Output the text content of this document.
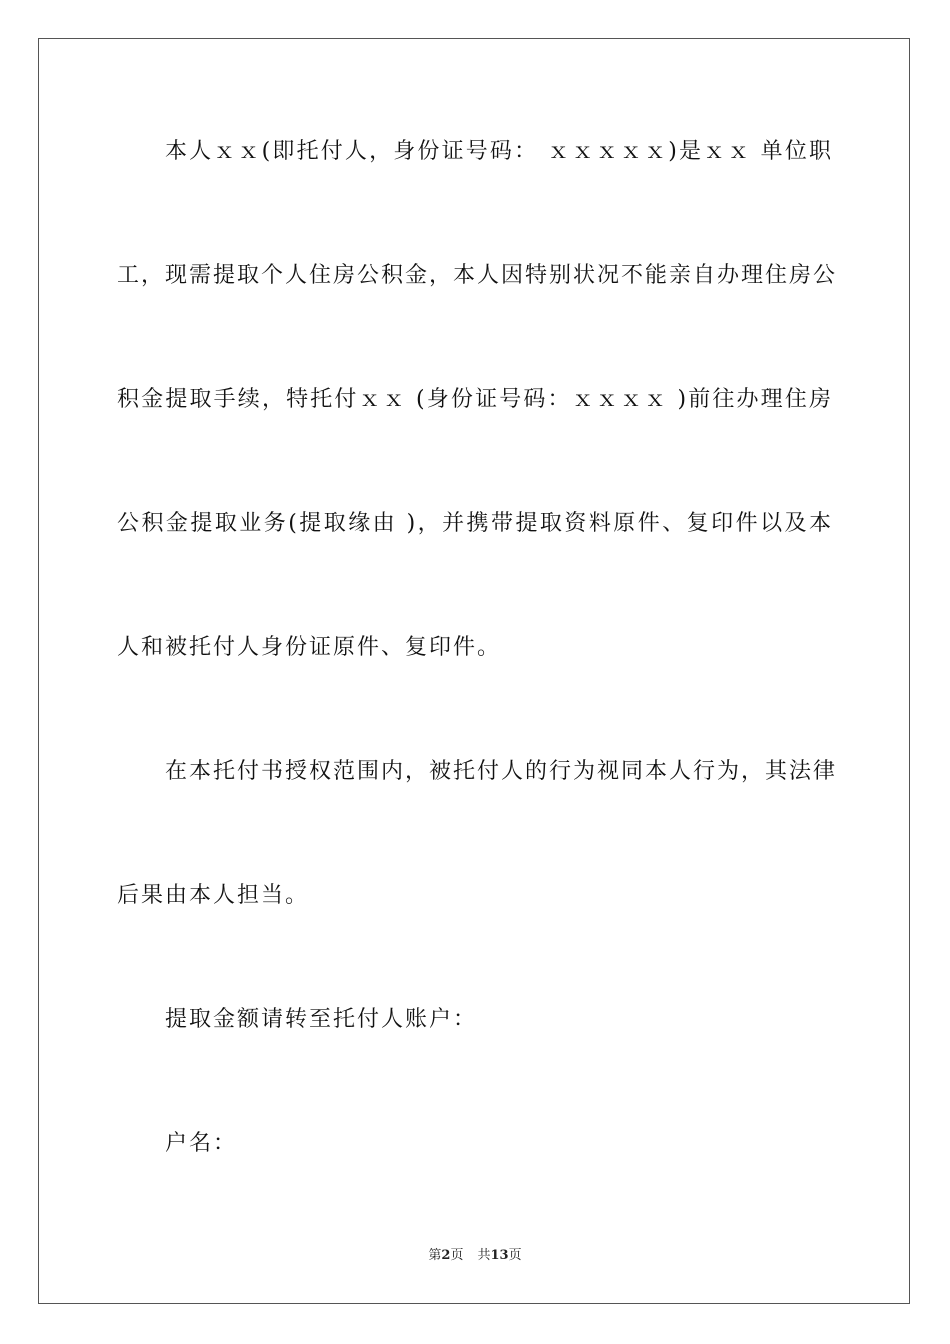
本人ｘｘ(即托付人，身份证号码： ｘｘｘｘｘ)是ｘｘ 单位职
工，现需提取个人住房公积金，本人因特别状况不能亲自办理住房公
积金提取手续，特托付ｘｘ (身份证号码：ｘｘｘｘ )前往办理住房
公积金提取业务(提取缘由 )，并携带提取资料原件、复印件以及本
人和被托付人身份证原件、复印件。
在本托付书授权范围内，被托付人的行为视同本人行为，其法律
后果由本人担当。
提取金额请转至托付人账户：
户名：
第2页 共13页
